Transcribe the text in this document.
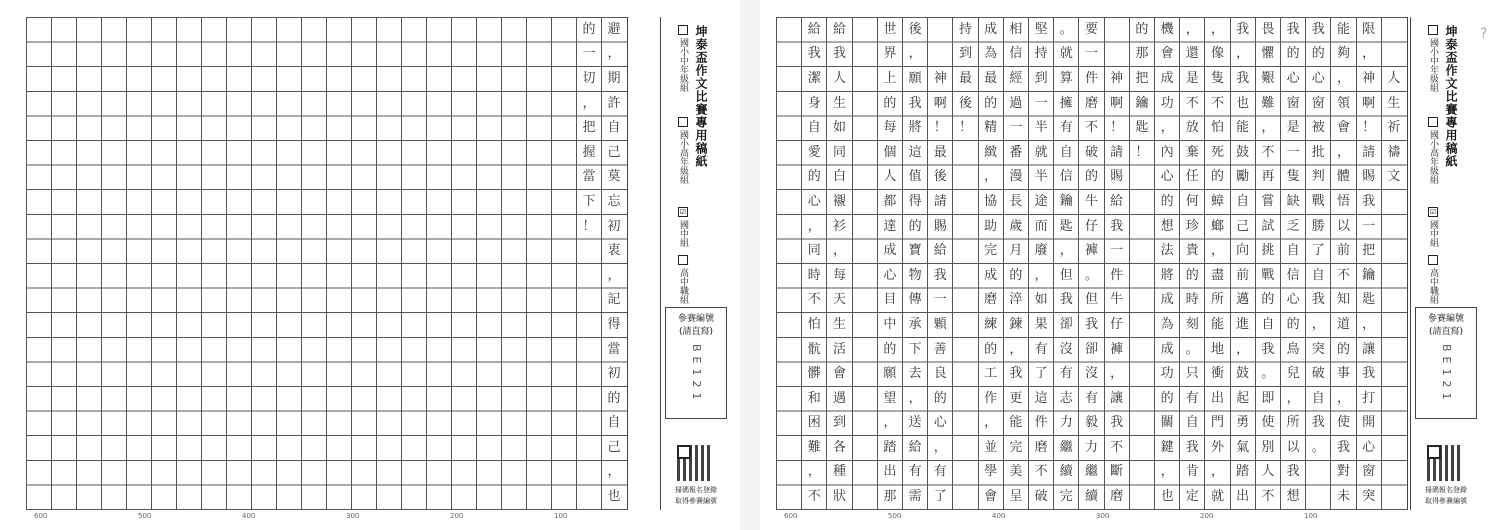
避
，
期
許
自
己
莫
忘
初
衷
，
記
得
當
初
的
自
己
，
也
的
一
切
，
把
握
當
下
！
600	500	400	300	200	100
坤泰盃作文比賽專用稿紙
國小中年級組
國小高年級組
☑國中組
高中職組
參賽編號
(請直寫)
BE121
掃碼報名登錄
取得參賽編號

人
生
祈
禱
文
限
，
神
啊
！
請
賜
我
一
把
鑰
匙
，
讓
我
打
開
心
窗
突
能
夠
，
領
會
，
體
悟
以
前
不
知
道
的
事
，
使
我
對
未
我
的
心
窗
被
批
判
戰
勝
了
自
我
，
突
破
自
我
。

我
的
心
窗
是
一
隻
缺
乏
自
信
心
的
鳥
兒
，
所
以
我
想
畏
懼
艱
難
，
不
再
嘗
試
挑
戰
的
自
我
。
即
使
別
人
不
我
，
我
也
能
鼓
勵
自
己
向
前
邁
進
，
鼓
起
勇
氣
踏
出
，
像
隻
不
怕
死
的
蟑
螂
，
盡
所
能
地
衝
出
門
外
，
就
，
還
是
不
放
棄
任
何
珍
貴
的
時
刻
。
只
有
自
我
肯
定
機
會
成
功
，
內
心
的
想
法
將
成
為
成
功
的
關
鍵
，
也
的
那
把
鑰
匙
！

神
啊
！
請
賜
給
我
一
件
牛
仔
褲
，
讓
我
不
斷
磨
要
一
件
磨
不
破
的
牛
仔
褲
。
但
我
卻
沒
有
毅
力
繼
續
。
就
算
擁
有
自
信
鑰
匙
，
但
我
卻
沒
有
志
力
繼
續
完
堅
持
到
一
半
就
半
途
而
廢
，
如
果
有
了
這
件
磨
不
破
相
信
經
過
一
番
漫
長
歲
月
的
淬
鍊
，
我
更
能
完
美
呈
成
為
最
的
精
緻
，
協
助
完
成
磨
練
的
工
作
，
並
學
會
持
到
最
後
！

神
啊
！
最
後
請
賜
給
我
一
顆
善
良
的
心
，
有
了
後
，
願
我
將
這
值
得
的
寶
物
傳
承
下
去
，
送
給
有
需
世
界
上
的
每
個
人
都
達
成
心
目
中
的
願
望
，
踏
出
那
給
我
人
生
如
同
白
襯
衫
，
每
天
生
活
會
遇
到
各
種
狀
給
我
潔
身
自
愛
的
心
，
同
時
不
怕
骯
髒
和
困
難
，
不
600	500	400	300	200	100
坤泰盃作文比賽專用稿紙
國小中年級組
國小高年級組
☑國中組
高中職組
參賽編號
(請直寫)
BE121
掃碼報名登錄
取得參賽編號
?
